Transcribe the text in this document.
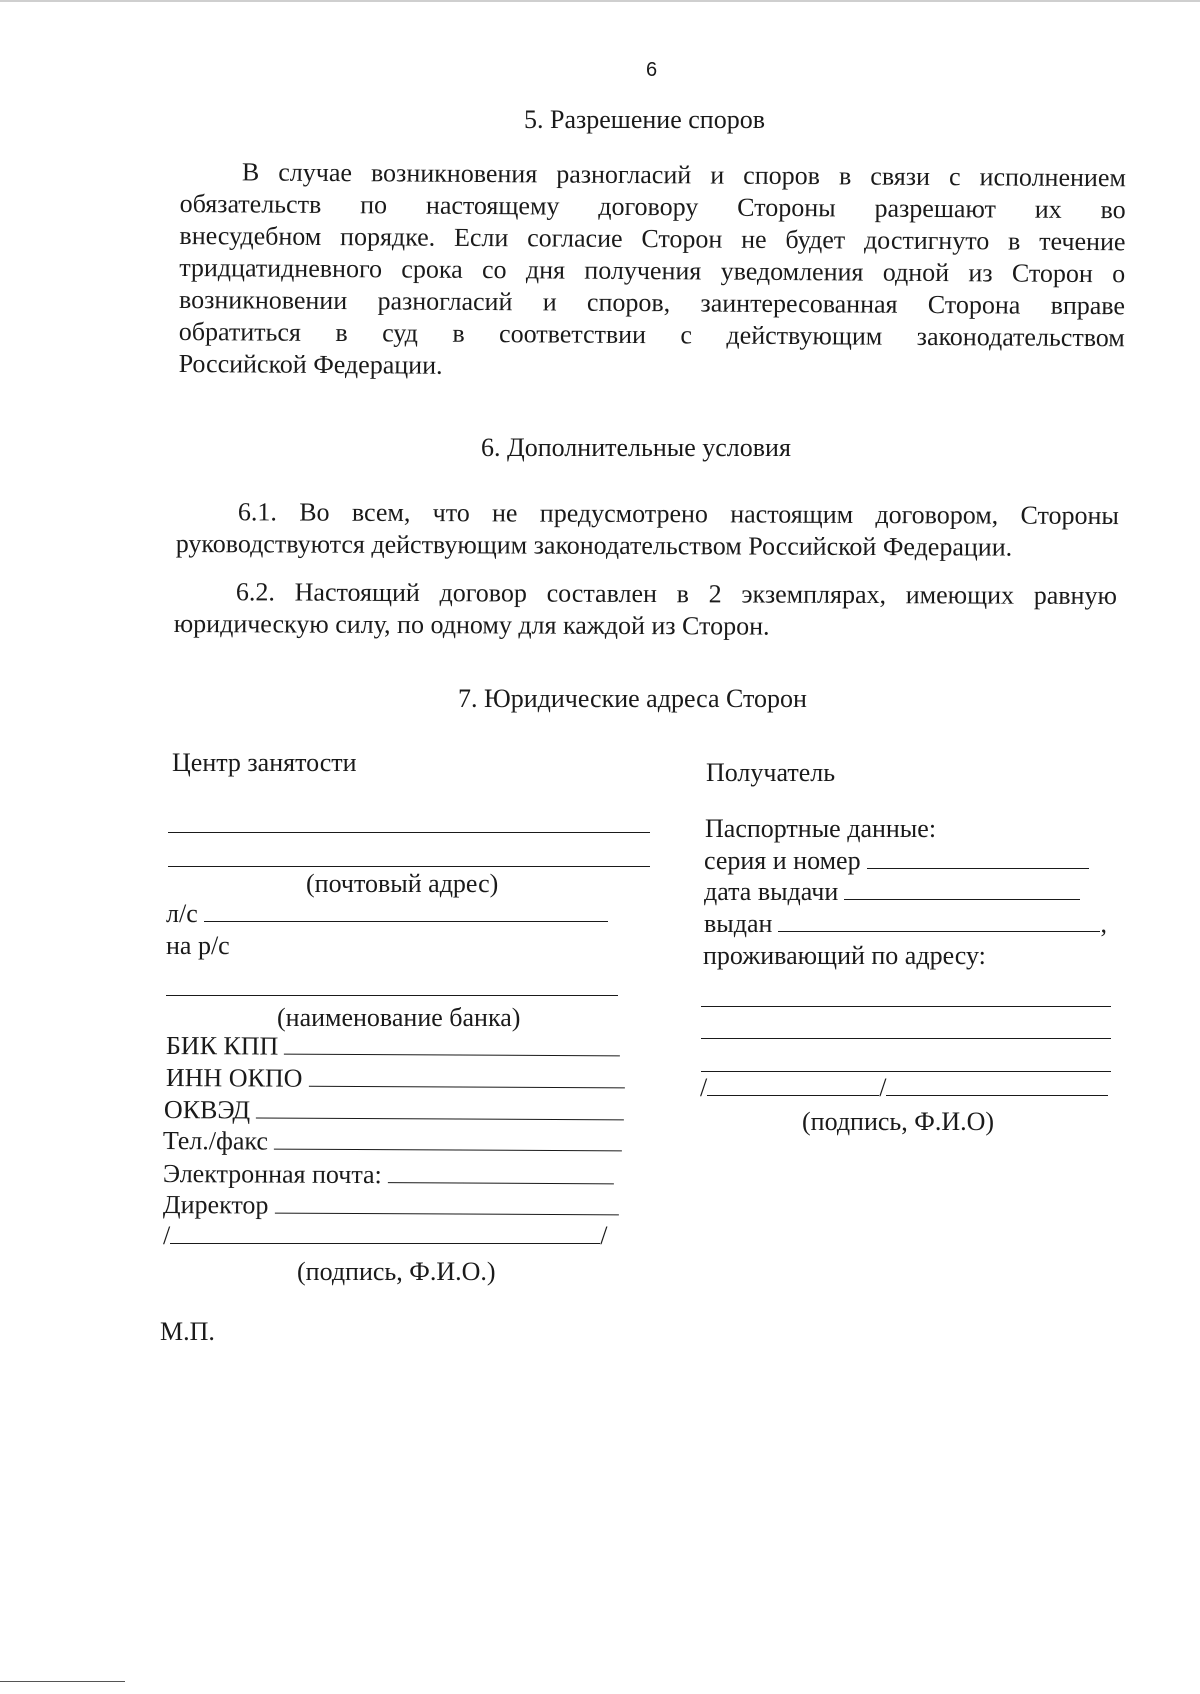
6
5. Разрешение споров
В случае возникновения разногласий и споров в связи с исполнением
обязательств по настоящему договору Стороны разрешают их во
внесудебном порядке. Если согласие Сторон не будет достигнуто в течение
тридцатидневного срока со дня получения уведомления одной из Сторон о
возникновении разногласий и споров, заинтересованная Сторона вправе
обратиться в суд в соответствии с действующим законодательством
Российской Федерации.
6. Дополнительные условия
6.1. Во всем, что не предусмотрено настоящим договором, Стороны
руководствуются действующим законодательством Российской Федерации.
6.2. Настоящий договор составлен в 2 экземплярах, имеющих равную
юридическую силу, по одному для каждой из Сторон.
7. Юридические адреса Сторон
Центр занятости
(почтовый адрес)
л/с
на р/с
(наименование банка)
БИК КПП
ИНН ОКПО
ОКВЭД
Тел./факс
Электронная почта:
Директор
/	/
(подпись, Ф.И.О.)
М.П.
Получатель
Паспортные данные:
серия и номер
дата выдачи
выдан	,
проживающий по адресу:
/	/
(подпись, Ф.И.О)
